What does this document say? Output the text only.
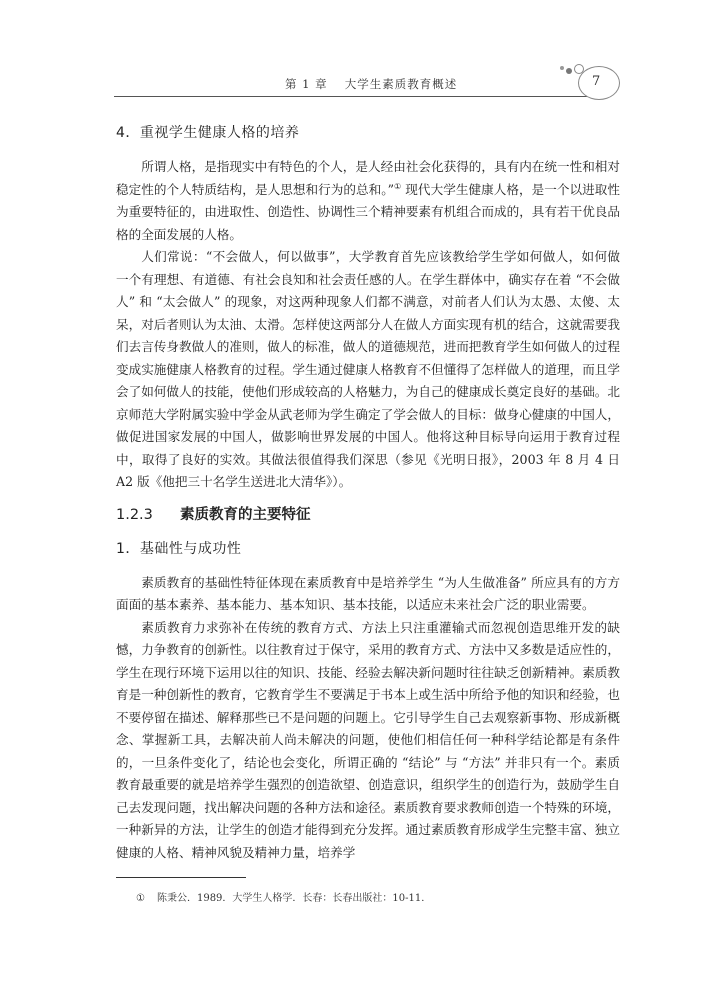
第 1 章　 大学生素质教育概述	7
4．重视学生健康人格的培养

所谓人格，是指现实中有特色的个人，是人经由社会化获得的，具有内在统一性和相对稳定性的个人特质结构，是人思想和行为的总和。”① 现代大学生健康人格，是一个以进取性为重要特征的，由进取性、创造性、协调性三个精神要素有机组合而成的，具有若干优良品格的全面发展的人格。

人们常说：“不会做人，何以做事”，大学教育首先应该教给学生学如何做人，如何做一个有理想、有道德、有社会良知和社会责任感的人。在学生群体中，确实存在着 “不会做人” 和 “太会做人” 的现象，对这两种现象人们都不满意，对前者人们认为太愚、太傻、太呆，对后者则认为太油、太滑。怎样使这两部分人在做人方面实现有机的结合，这就需要我们去言传身教做人的准则，做人的标准，做人的道德规范，进而把教育学生如何做人的过程变成实施健康人格教育的过程。学生通过健康人格教育不但懂得了怎样做人的道理，而且学会了如何做人的技能，使他们形成较高的人格魅力，为自己的健康成长奠定良好的基础。北京师范大学附属实验中学金从武老师为学生确定了学会做人的目标：做身心健康的中国人，做促进国家发展的中国人，做影响世界发展的中国人。他将这种目标导向运用于教育过程中，取得了良好的实效。其做法很值得我们深思（参见《光明日报》，2003 年 8 月 4 日 A2 版《他把三十名学生送进北大清华》）。

1.2.3 素质教育的主要特征
1．基础性与成功性

素质教育的基础性特征体现在素质教育中是培养学生 “为人生做准备” 所应具有的方方面面的基本素养、基本能力、基本知识、基本技能，以适应未来社会广泛的职业需要。

素质教育力求弥补在传统的教育方式、方法上只注重灌输式而忽视创造思维开发的缺憾，力争教育的创新性。以往教育过于保守，采用的教育方式、方法中又多数是适应性的，学生在现行环境下运用以往的知识、技能、经验去解决新问题时往往缺乏创新精神。素质教育是一种创新性的教育，它教育学生不要满足于书本上或生活中所给予他的知识和经验，也不要停留在描述、解释那些已不是问题的问题上。它引导学生自己去观察新事物、形成新概念、掌握新工具，去解决前人尚未解决的问题，使他们相信任何一种科学结论都是有条件的，一旦条件变化了，结论也会变化，所谓正确的 “结论” 与 “方法” 并非只有一个。素质教育最重要的就是培养学生强烈的创造欲望、创造意识，组织学生的创造行为，鼓励学生自己去发现问题，找出解决问题的各种方法和途径。素质教育要求教师创造一个特殊的环境，一种新异的方法，让学生的创造才能得到充分发挥。通过素质教育形成学生完整丰富、独立健康的人格、精神风貌及精神力量，培养学

① 陈秉公．1989．大学生人格学．长春：长春出版社：10-11．
